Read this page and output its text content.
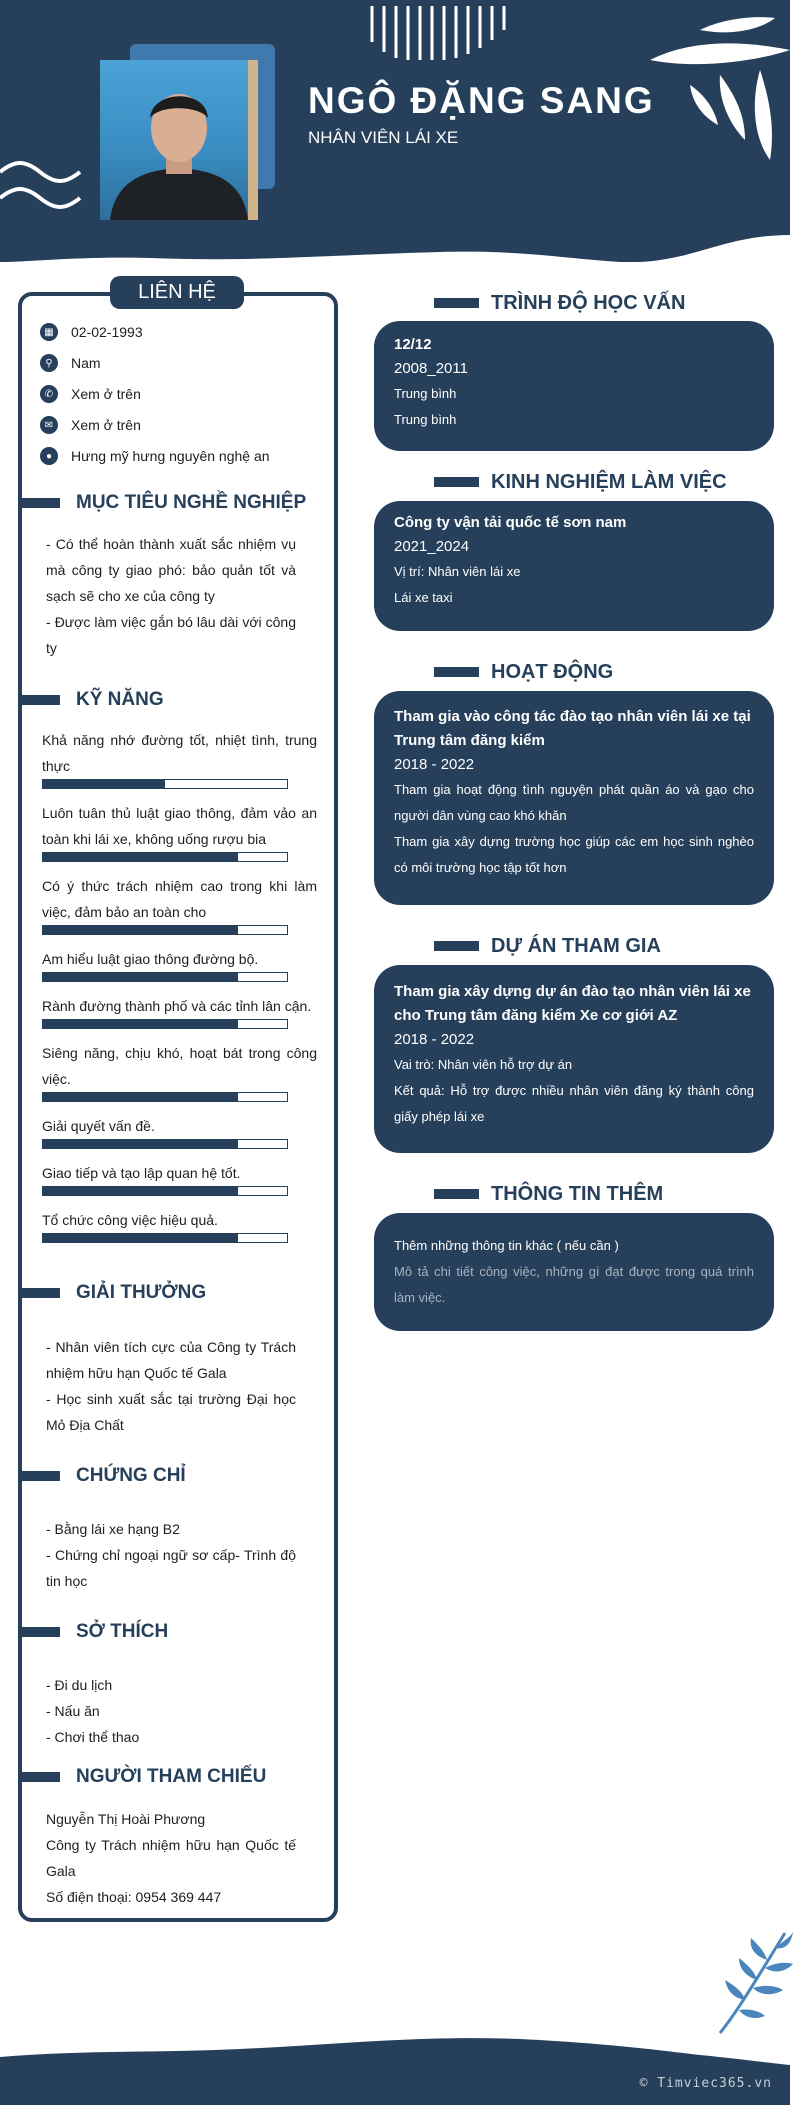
NGÔ ĐẶNG SANG
NHÂN VIÊN LÁI XE
LIÊN HỆ
▦	02-02-1993
⚲	Nam
✆	Xem ở trên
✉	Xem ở trên
●	Hưng mỹ hưng nguyên nghệ an
MỤC TIÊU NGHỀ NGHIỆP
- Có thể hoàn thành xuất sắc nhiệm vụ mà công ty giao phó: bảo quản tốt và sạch sẽ cho xe của công ty
- Được làm việc gắn bó lâu dài với công ty
KỸ NĂNG
Khả năng nhớ đường tốt, nhiệt tình, trung thực
Luôn tuân thủ luật giao thông, đảm vảo an toàn khi lái xe, không uống rượu bia
Có ý thức trách nhiệm cao trong khi làm việc, đảm bảo an toàn cho
Am hiểu luật giao thông đường bộ.
Rành đường thành phố và các tỉnh lân cận.
Siêng năng, chịu khó, hoạt bát trong công việc.
Giải quyết vấn đề.
Giao tiếp và tạo lập quan hệ tốt.
Tổ chức công việc hiệu quả.
GIẢI THƯỞNG
- Nhân viên tích cực của Công ty Trách nhiệm hữu hạn Quốc tế Gala
- Học sinh xuất sắc tại trường Đại học Mỏ Địa Chất
CHỨNG CHỈ
- Bằng lái xe hạng B2
- Chứng chỉ ngoại ngữ sơ cấp- Trình độ tin học
SỞ THÍCH
- Đi du lịch
- Nấu ăn
- Chơi thể thao
NGƯỜI THAM CHIẾU
Nguyễn Thị Hoài Phương
Công ty Trách nhiệm hữu hạn Quốc tế Gala
Số điện thoại: 0954 369 447
TRÌNH ĐỘ HỌC VẤN
12/12
2008_2011
Trung bình
Trung bình
KINH NGHIỆM LÀM VIỆC
Công ty vận tải quốc tế sơn nam
2021_2024
Vị trí: Nhân viên lái xe
Lái xe taxi
HOẠT ĐỘNG
Tham gia vào công tác đào tạo nhân viên lái xe tại Trung tâm đăng kiểm
2018 - 2022
Tham gia hoạt động tình nguyện phát quần áo và gạo cho người dân vùng cao khó khăn
Tham gia xây dựng trường học giúp các em học sinh nghèo có môi trường học tập tốt hơn
DỰ ÁN THAM GIA
Tham gia xây dựng dự án đào tạo nhân viên lái xe cho Trung tâm đăng kiểm Xe cơ giới AZ
2018 - 2022
Vai trò: Nhân viên hỗ trợ dự án
Kết quả: Hỗ trợ được nhiều nhân viên đăng ký thành công giấy phép lái xe
THÔNG TIN THÊM
Thêm những thông tin khác ( nếu cần )
Mô tả chi tiết công việc, những gì đạt được trong quá trình làm việc.
© Timviec365.vn
